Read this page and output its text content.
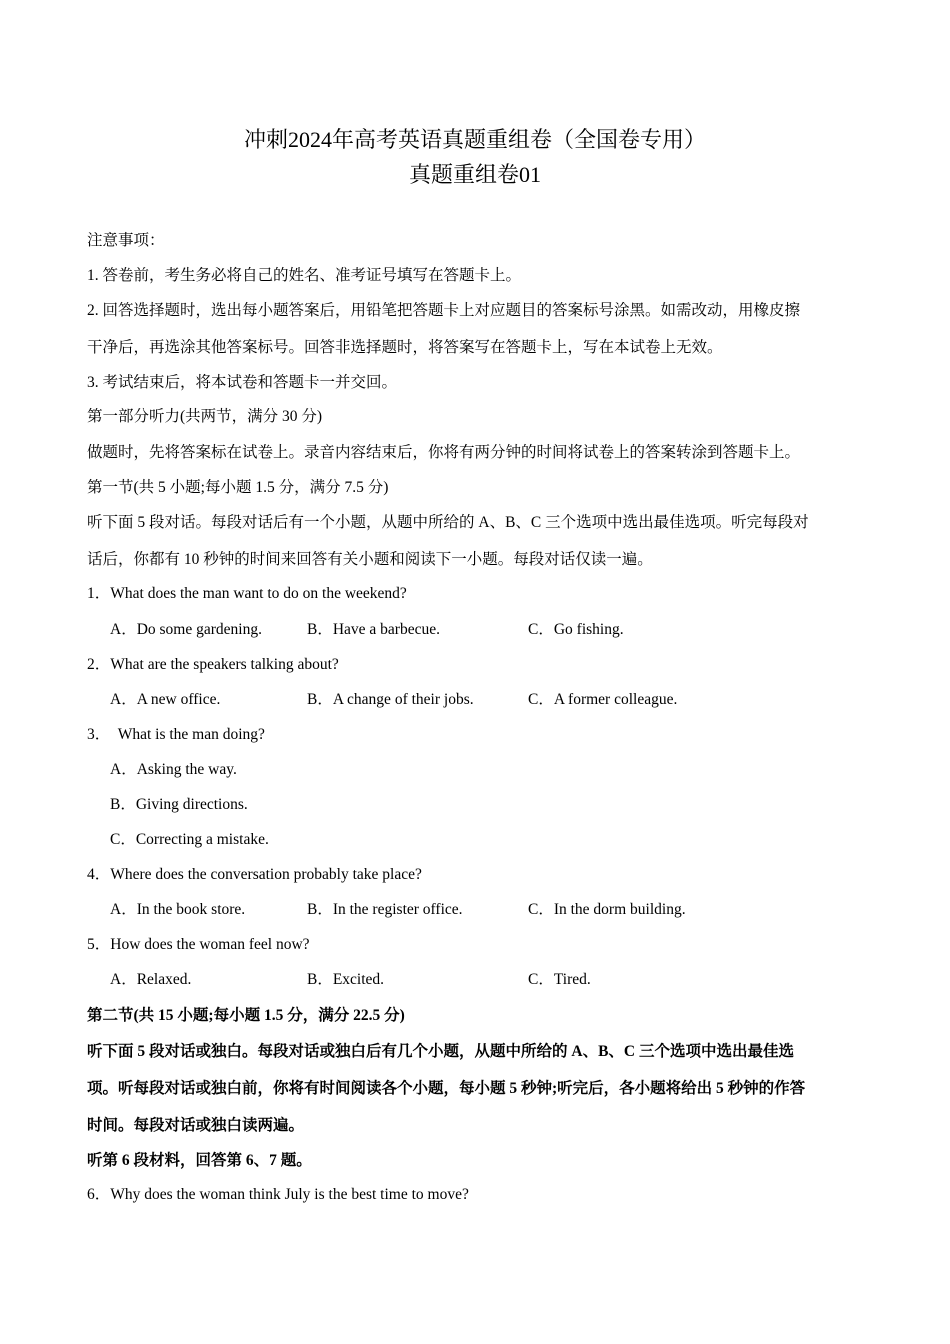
冲刺2024年高考英语真题重组卷（全国卷专用）
真题重组卷01
注意事项：
1. 答卷前，考生务必将自己的姓名、准考证号填写在答题卡上。
2. 回答选择题时，选出每小题答案后，用铅笔把答题卡上对应题目的答案标号涂黑。如需改动，用橡皮擦
干净后，再选涂其他答案标号。回答非选择题时，将答案写在答题卡上，写在本试卷上无效。
3. 考试结束后，将本试卷和答题卡一并交回。
第一部分听力(共两节，满分 30 分)
做题时，先将答案标在试卷上。录音内容结束后，你将有两分钟的时间将试卷上的答案转涂到答题卡上。
第一节(共 5 小题;每小题 1.5 分，满分 7.5 分)
听下面 5 段对话。每段对话后有一个小题，从题中所给的 A、B、C 三个选项中选出最佳选项。听完每段对
话后，你都有 10 秒钟的时间来回答有关小题和阅读下一小题。每段对话仅读一遍。
1．What does the man want to do on the weekend?
A．Do some gardening.	B．Have a barbecue.	C．Go fishing.
2．What are the speakers talking about?
A．A new office.	B．A change of their jobs.	C．A former colleague.
3．  What is the man doing?
A．Asking the way.
B．Giving directions.
C．Correcting a mistake.
4．Where does the conversation probably take place?
A．In the book store.	B．In the register office.	C．In the dorm building.
5．How does the woman feel now?
A．Relaxed.	B．Excited.	C．Tired.
第二节(共 15 小题;每小题 1.5 分，满分 22.5 分)
听下面 5 段对话或独白。每段对话或独白后有几个小题，从题中所给的 A、B、C 三个选项中选出最佳选
项。听每段对话或独白前，你将有时间阅读各个小题，每小题 5 秒钟;听完后，各小题将给出 5 秒钟的作答
时间。每段对话或独白读两遍。
听第 6 段材料，回答第 6、7 题。
6．Why does the woman think July is the best time to move?
